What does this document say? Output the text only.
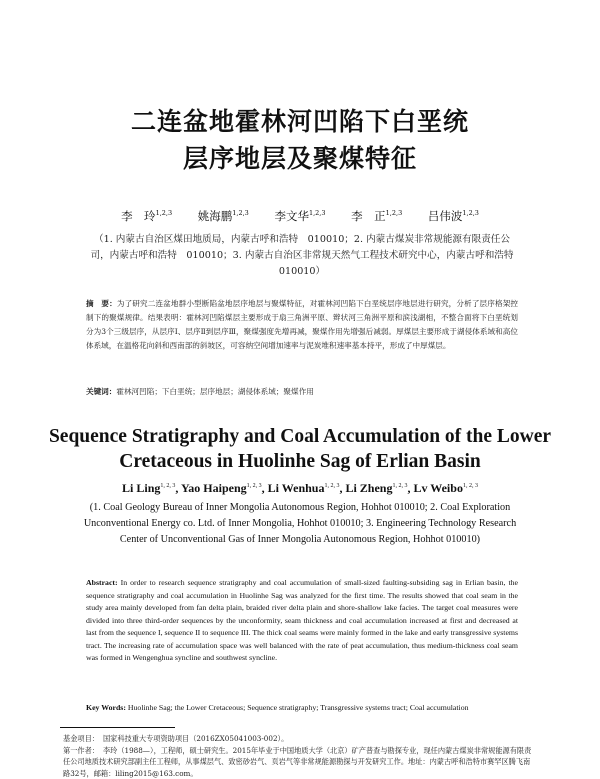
二连盆地霍林河凹陷下白垩统
层序地层及聚煤特征
李　玲$^{1,2,3}$ 姚海鹏$^{1,2,3}$ 李文华$^{1,2,3}$ 李　正$^{1,2,3}$ 吕伟波$^{1,2,3}$
（1. 内蒙古自治区煤田地质局，内蒙古呼和浩特　010010；2. 内蒙古煤炭非常规能源有限责任公司，内蒙古呼和浩特　010010；3. 内蒙古自治区非常规天然气工程技术研究中心，内蒙古呼和浩特　010010）
摘　要：为了研究二连盆地群小型断陷盆地层序地层与聚煤特征，对霍林河凹陷下白垩统层序地层进行研究，分析了层序格架控制下的聚煤规律。结果表明：霍林河凹陷煤层主要形成于扇三角洲平原、辫状河三角洲平原和滨浅湖相，不整合面将下白垩统划分为3个三级层序，从层序Ⅰ、层序Ⅱ到层序Ⅲ，聚煤强度先增再减，聚煤作用先增强后减弱。厚煤层主要形成于湖侵体系域和高位体系域，在温格花向斜和西南部的斜坡区，可容纳空间增加速率与泥炭堆积速率基本持平，形成了中厚煤层。
关键词：霍林河凹陷；下白垩统；层序地层；湖侵体系域；聚煤作用
Sequence Stratigraphy and Coal Accumulation of the Lower
Cretaceous in Huolinhe Sag of Erlian Basin
Li Ling$^{1, 2, 3}$, Yao Haipeng$^{1, 2, 3}$, Li Wenhua$^{1, 2, 3}$, Li Zheng$^{1, 2, 3}$, Lv Weibo$^{1, 2, 3}$
(1. Coal Geology Bureau of Inner Mongolia Autonomous Region, Hohhot 010010; 2. Coal Exploration Unconventional Energy co. Ltd. of Inner Mongolia, Hohhot 010010; 3. Engineering Technology Research Center of Unconventional Gas of Inner Mongolia Autonomous Region, Hohhot 010010)
Abstract: In order to research sequence stratigraphy and coal accumulation of small-sized faulting-subsiding sag in Erlian basin, the sequence stratigraphy and coal accumulation in Huolinhe Sag was analyzed for the first time. The results showed that coal seam in the study area mainly developed from fan delta plain, braided river delta plain and shore-shallow lake facies. The target coal measures were divided into three third-order sequences by the unconformity, seam thickness and coal accumulation increased at first and decreased at last from the sequence I, sequence II to sequence III. The thick coal seams were mainly formed in the lake and early transgressive systems tract. The increasing rate of accumulation space was well balanced with the rate of peat accumulation, thus medium-thickness coal seam was formed in Wengenghua syncline and southwest syncline.
Key Words: Huolinhe Sag; the Lower Cretaceous; Sequence stratigraphy; Transgressive systems tract; Coal accumulation
基金项目： 国家科技重大专项资助项目（2016ZX05041003-002）。
第一作者： 李玲（1988—），工程师，硕士研究生。2015年毕业于中国地质大学（北京）矿产普查与勘探专业，现任内蒙古煤炭非常规能源有限责任公司地质技术研究部副主任工程师，从事煤层气、致密砂岩气、页岩气等非常规能源勘探与开发研究工作。地址：内蒙古呼和浩特市赛罕区腾飞南路32号，邮箱：liling2015@163.com。
